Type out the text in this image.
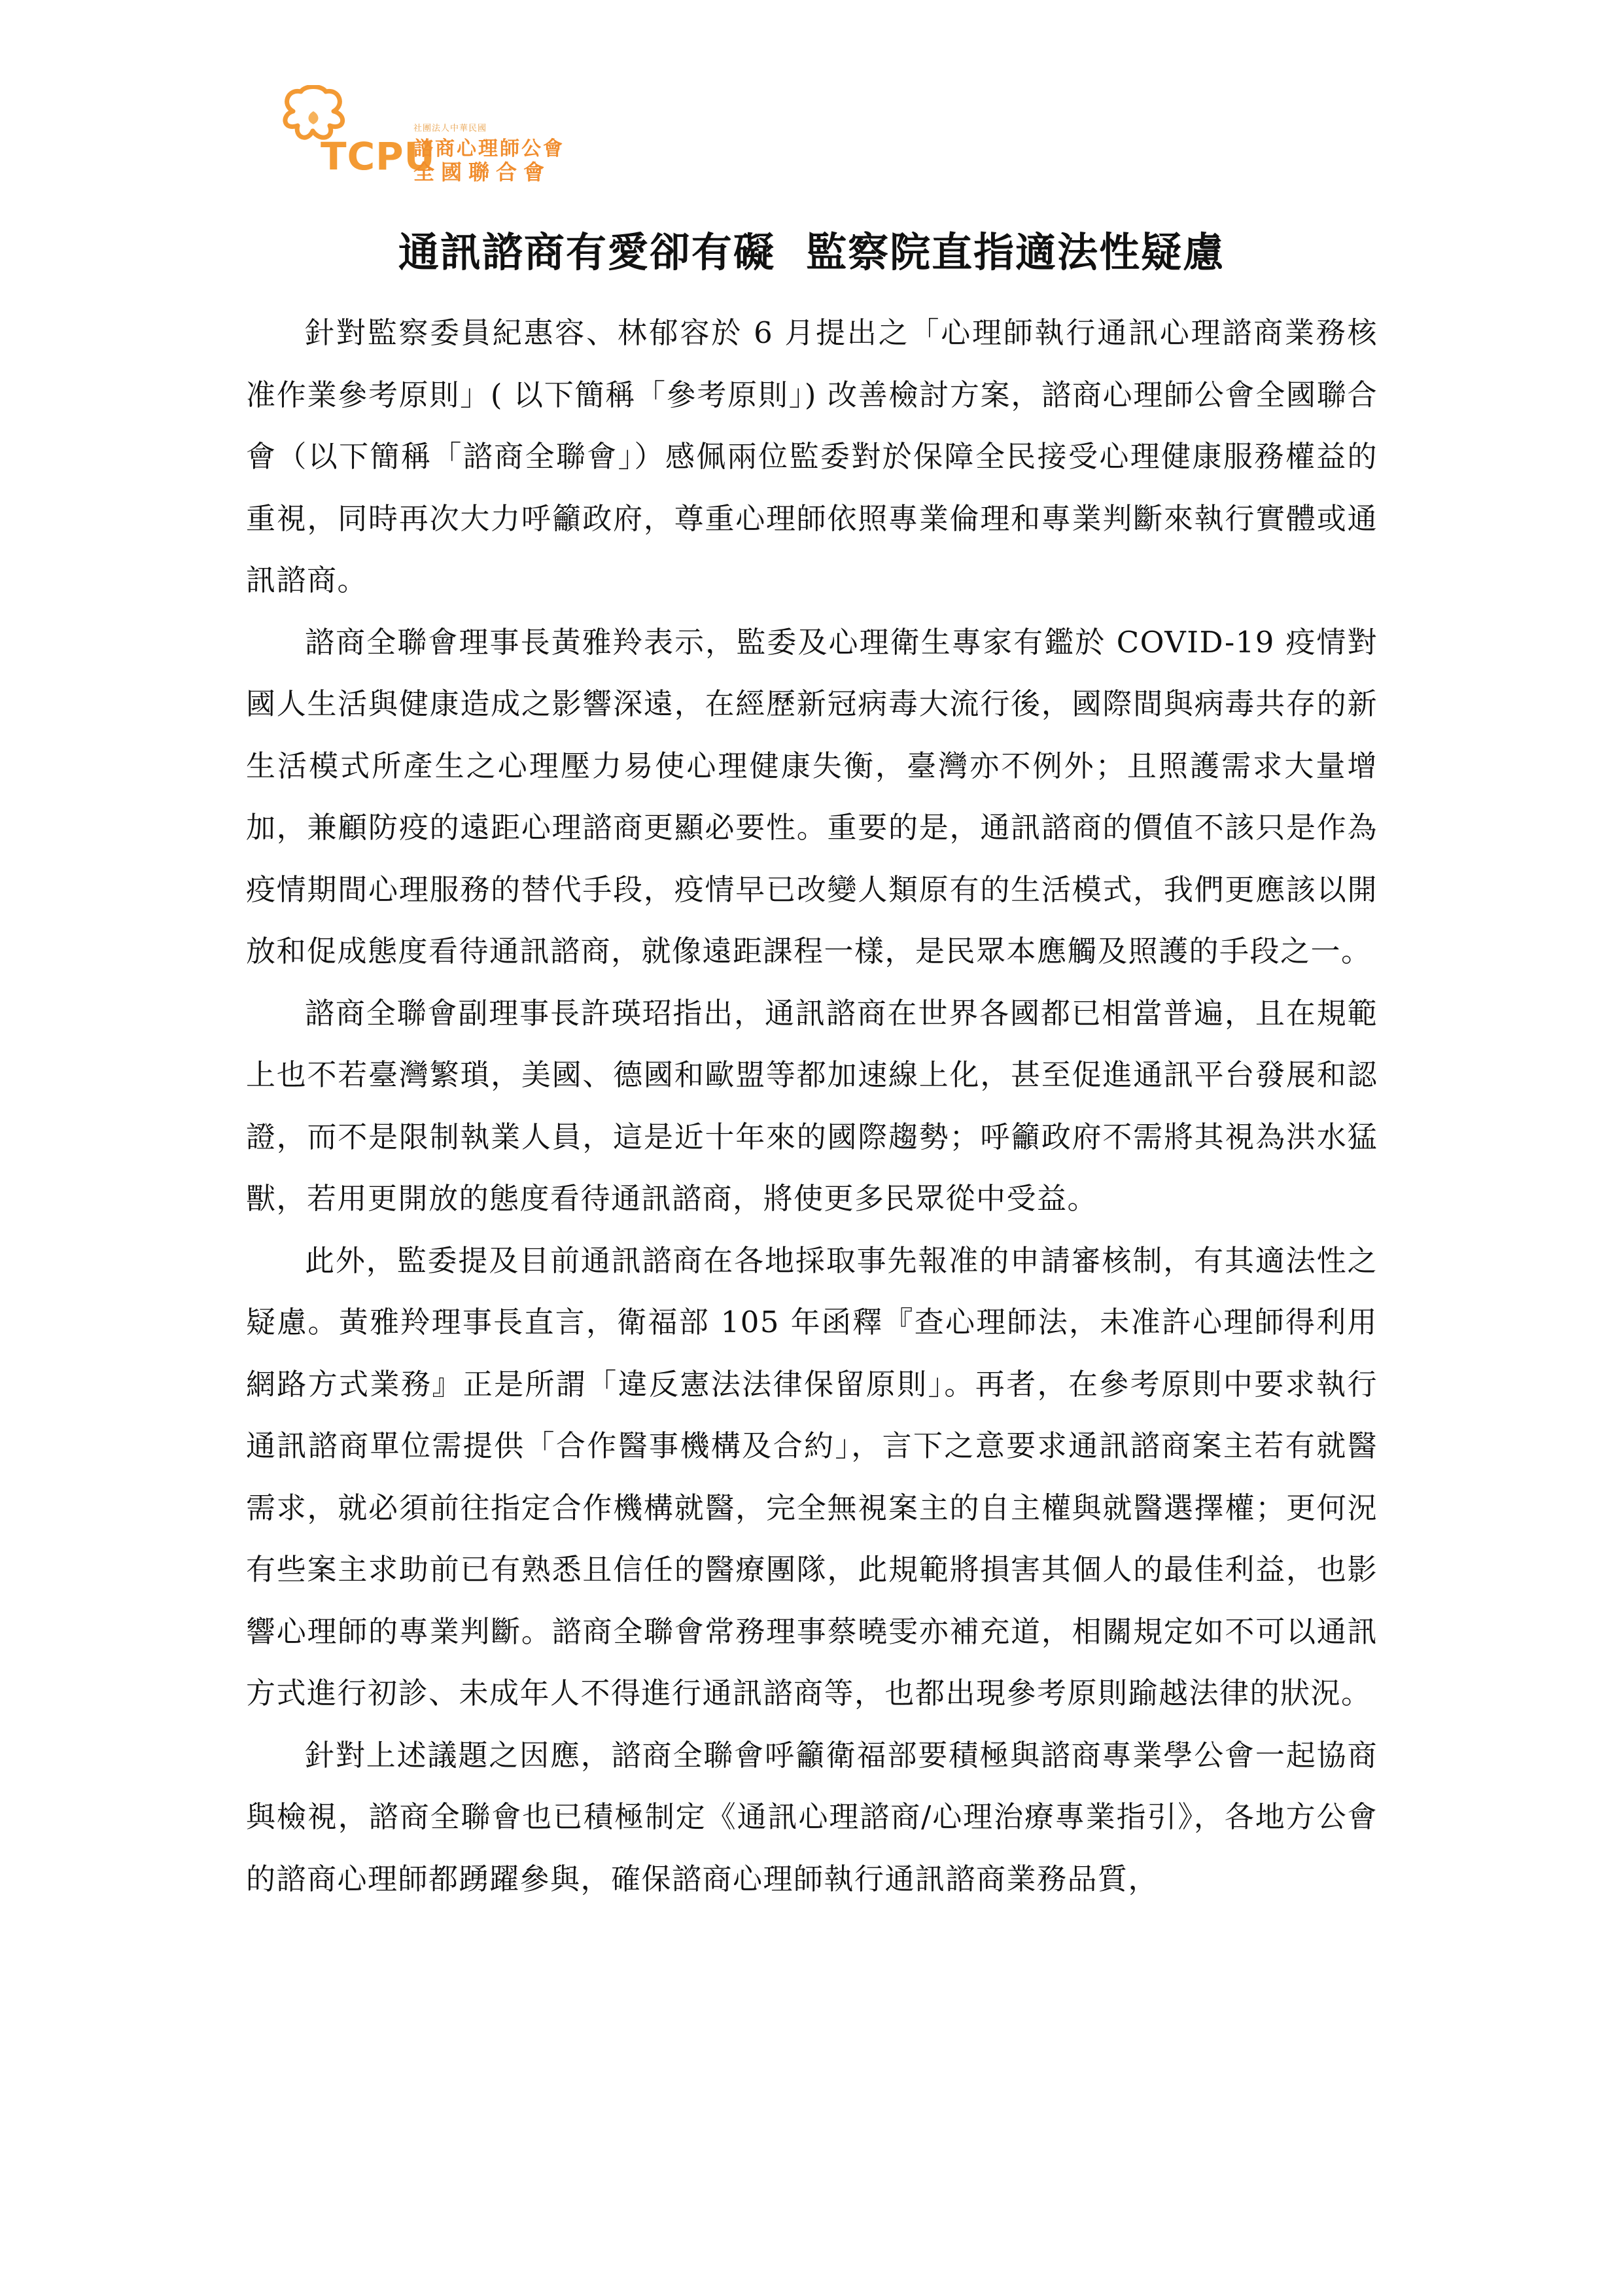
社團法人中華民國
TCPU
諮商心理師公會
全國聯合會
通訊諮商有愛卻有礙  監察院直指適法性疑慮

針對監察委員紀惠容、林郁容於 6 月提出之「心理師執行通訊心理諮商業務核准作業參考原則」( 以下簡稱「參考原則」) 改善檢討方案，諮商心理師公會全國聯合會（以下簡稱「諮商全聯會」）感佩兩位監委對於保障全民接受心理健康服務權益的重視，同時再次大力呼籲政府，尊重心理師依照專業倫理和專業判斷來執行實體或通訊諮商。

諮商全聯會理事長黃雅羚表示，監委及心理衛生專家有鑑於 COVID-19 疫情對國人生活與健康造成之影響深遠，在經歷新冠病毒大流行後，國際間與病毒共存的新生活模式所產生之心理壓力易使心理健康失衡，臺灣亦不例外；且照護需求大量增加，兼顧防疫的遠距心理諮商更顯必要性。重要的是，通訊諮商的價值不該只是作為疫情期間心理服務的替代手段，疫情早已改變人類原有的生活模式，我們更應該以開放和促成態度看待通訊諮商，就像遠距課程一樣，是民眾本應觸及照護的手段之一。

諮商全聯會副理事長許瑛玿指出，通訊諮商在世界各國都已相當普遍，且在規範上也不若臺灣繁瑣，美國、德國和歐盟等都加速線上化，甚至促進通訊平台發展和認證，而不是限制執業人員，這是近十年來的國際趨勢；呼籲政府不需將其視為洪水猛獸，若用更開放的態度看待通訊諮商，將使更多民眾從中受益。

此外，監委提及目前通訊諮商在各地採取事先報准的申請審核制，有其適法性之疑慮。黃雅羚理事長直言，衛福部 105 年函釋『查心理師法，未准許心理師得利用網路方式業務』正是所謂「違反憲法法律保留原則」。再者，在參考原則中要求執行通訊諮商單位需提供「合作醫事機構及合約」，言下之意要求通訊諮商案主若有就醫需求，就必須前往指定合作機構就醫，完全無視案主的自主權與就醫選擇權；更何況有些案主求助前已有熟悉且信任的醫療團隊，此規範將損害其個人的最佳利益，也影響心理師的專業判斷。諮商全聯會常務理事蔡曉雯亦補充道，相關規定如不可以通訊方式進行初診、未成年人不得進行通訊諮商等，也都出現參考原則踰越法律的狀況。

針對上述議題之因應，諮商全聯會呼籲衛福部要積極與諮商專業學公會一起協商與檢視，諮商全聯會也已積極制定《通訊心理諮商/心理治療專業指引》，各地方公會的諮商心理師都踴躍參與，確保諮商心理師執行通訊諮商業務品質，
